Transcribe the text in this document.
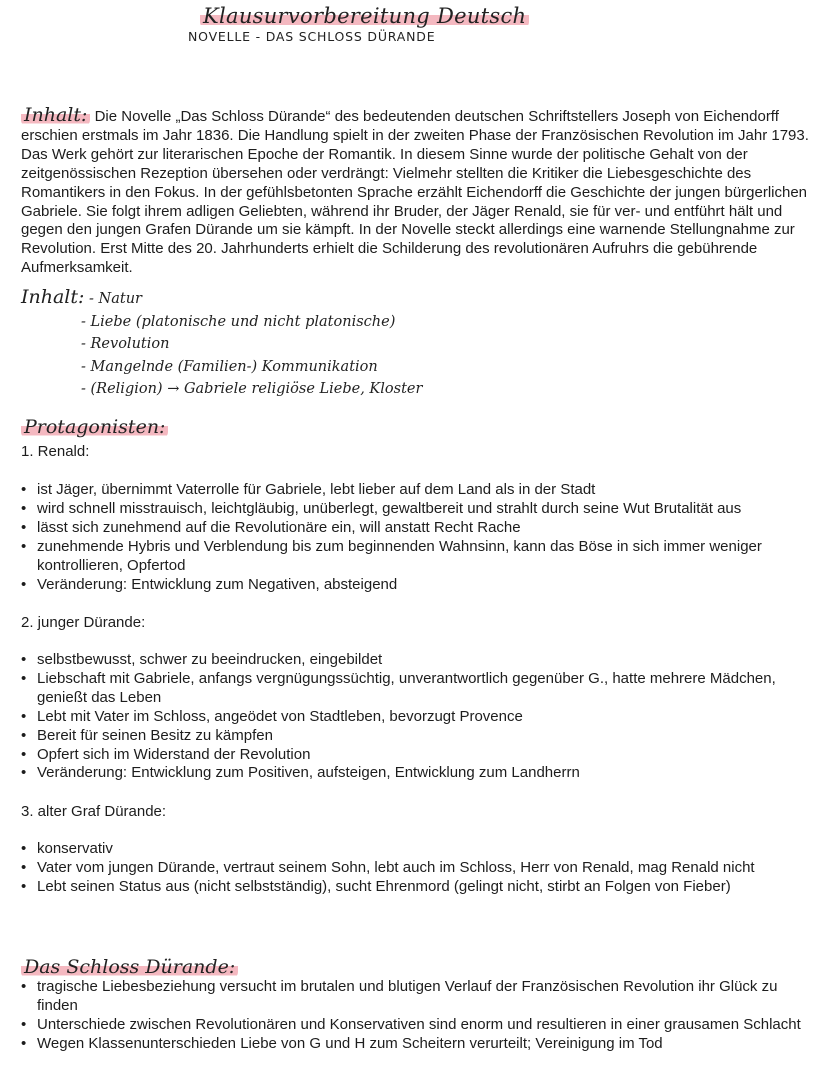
Klausurvorbereitung Deutsch
NOVELLE - DAS SCHLOSS DÜRANDE

Inhalt: Die Novelle „Das Schloss Dürande“ des bedeutenden deutschen Schriftstellers Joseph von Eichendorff erschien erstmals im Jahr 1836. Die Handlung spielt in der zweiten Phase der Französischen Revolution im Jahr 1793. Das Werk gehört zur literarischen Epoche der Romantik. In diesem Sinne wurde der politische Gehalt von der zeitgenössischen Rezeption übersehen oder verdrängt: Vielmehr stellten die Kritiker die Liebesgeschichte des Romantikers in den Fokus. In der gefühlsbetonten Sprache erzählt Eichendorff die Geschichte der jungen bürgerlichen Gabriele. Sie folgt ihrem adligen Geliebten, während ihr Bruder, der Jäger Renald, sie für ver- und entführt hält und gegen den jungen Grafen Dürande um sie kämpft. In der Novelle steckt allerdings eine warnende Stellungnahme zur Revolution. Erst Mitte des 20. Jahrhunderts erhielt die Schilderung des revolutionären Aufruhrs die gebührende Aufmerksamkeit.

Inhalt: - Natur
- Liebe (platonische und nicht platonische)
- Revolution
- Mangelnde (Familien-) Kommunikation
- (Religion) → Gabriele religiöse Liebe, Kloster
Protagonisten:

1. Renald:

• ist Jäger, übernimmt Vaterrolle für Gabriele, lebt lieber auf dem Land als in der Stadt
• wird schnell misstrauisch, leichtgläubig, unüberlegt, gewaltbereit und strahlt durch seine Wut Brutalität aus
• lässt sich zunehmend auf die Revolutionäre ein, will anstatt Recht Rache
• zunehmende Hybris und Verblendung bis zum beginnenden Wahnsinn, kann das Böse in sich immer weniger kontrollieren, Opfertod
• Veränderung: Entwicklung zum Negativen, absteigend

2. junger Dürande:

• selbstbewusst, schwer zu beeindrucken, eingebildet
• Liebschaft mit Gabriele, anfangs vergnügungssüchtig, unverantwortlich gegenüber G., hatte mehrere Mädchen, genießt das Leben
• Lebt mit Vater im Schloss, angeödet von Stadtleben, bevorzugt Provence
• Bereit für seinen Besitz zu kämpfen
• Opfert sich im Widerstand der Revolution
• Veränderung: Entwicklung zum Positiven, aufsteigen, Entwicklung zum Landherrn

3. alter Graf Dürande:

• konservativ
• Vater vom jungen Dürande, vertraut seinem Sohn, lebt auch im Schloss, Herr von Renald, mag Renald nicht
• Lebt seinen Status aus (nicht selbstständig), sucht Ehrenmord (gelingt nicht, stirbt an Folgen von Fieber)
Das Schloss Dürande:
• tragische Liebesbeziehung versucht im brutalen und blutigen Verlauf der Französischen Revolution ihr Glück zu finden
• Unterschiede zwischen Revolutionären und Konservativen sind enorm und resultieren in einer grausamen Schlacht
• Wegen Klassenunterschieden Liebe von G und H zum Scheitern verurteilt; Vereinigung im Tod
